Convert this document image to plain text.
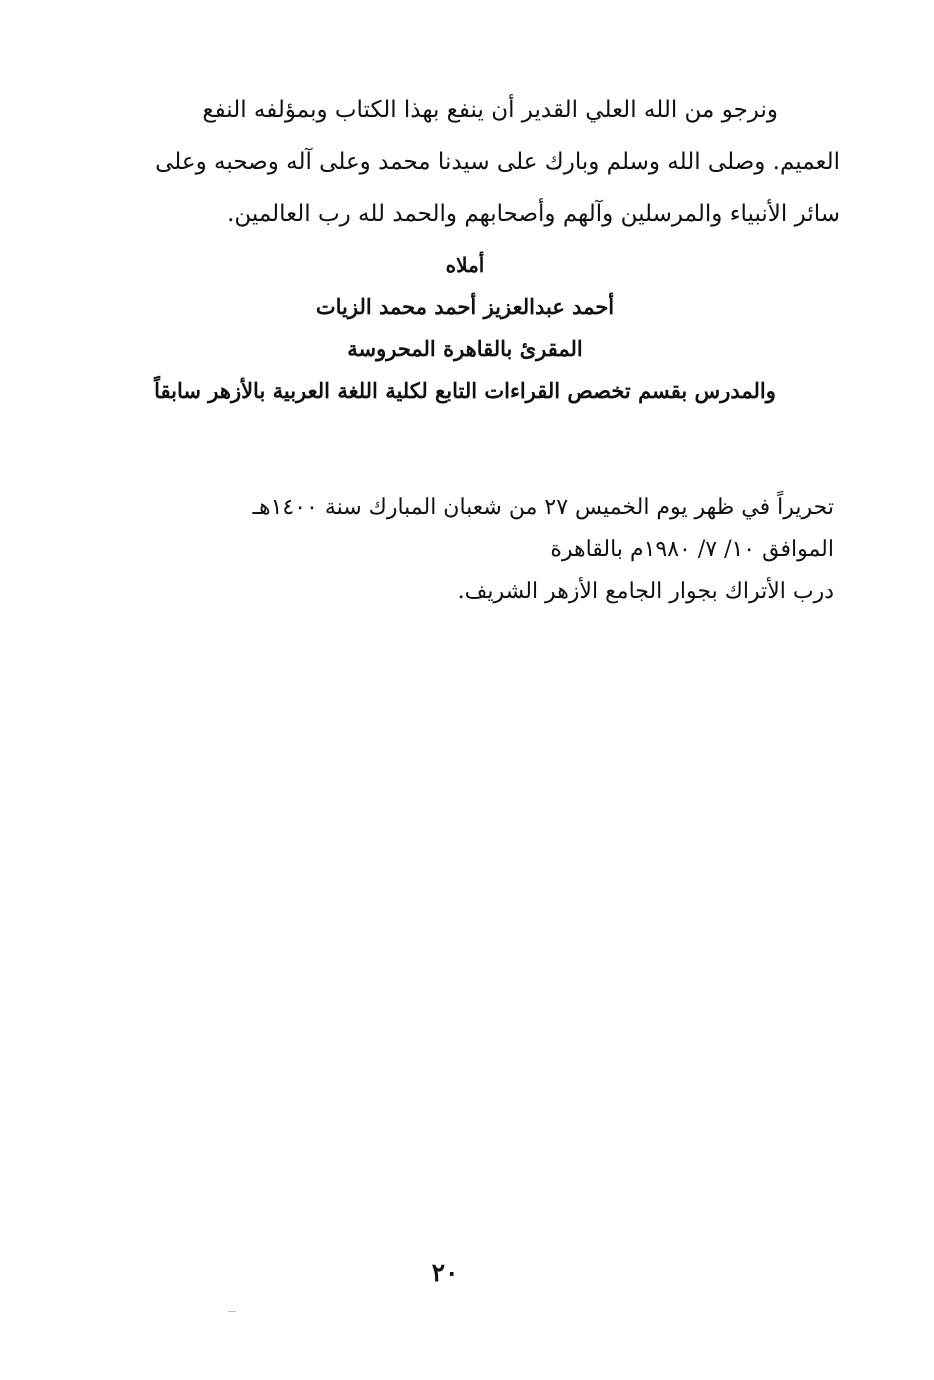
ونرجو من الله العلي القدير أن ينفع بهذا الكتاب وبمؤلفه النفع

العميم. وصلى الله وسلم وبارك على سيدنا محمد وعلى آله وصحبه وعلى

سائر الأنبياء والمرسلين وآلهم وأصحابهم والحمد لله رب العالمين.

أملاه
أحمد عبدالعزيز أحمد محمد الزيات
المقرئ بالقاهرة المحروسة
والمدرس بقسم تخصص القراءات التابع لكلية اللغة العربية بالأزهر سابقاً
تحريراً في ظهر يوم الخميس ٢٧ من شعبان المبارك سنة ١٤٠٠هـ
الموافق ١٠/ ٧/ ١٩٨٠م بالقاهرة
درب الأتراك بجوار الجامع الأزهر الشريف.
٢٠
